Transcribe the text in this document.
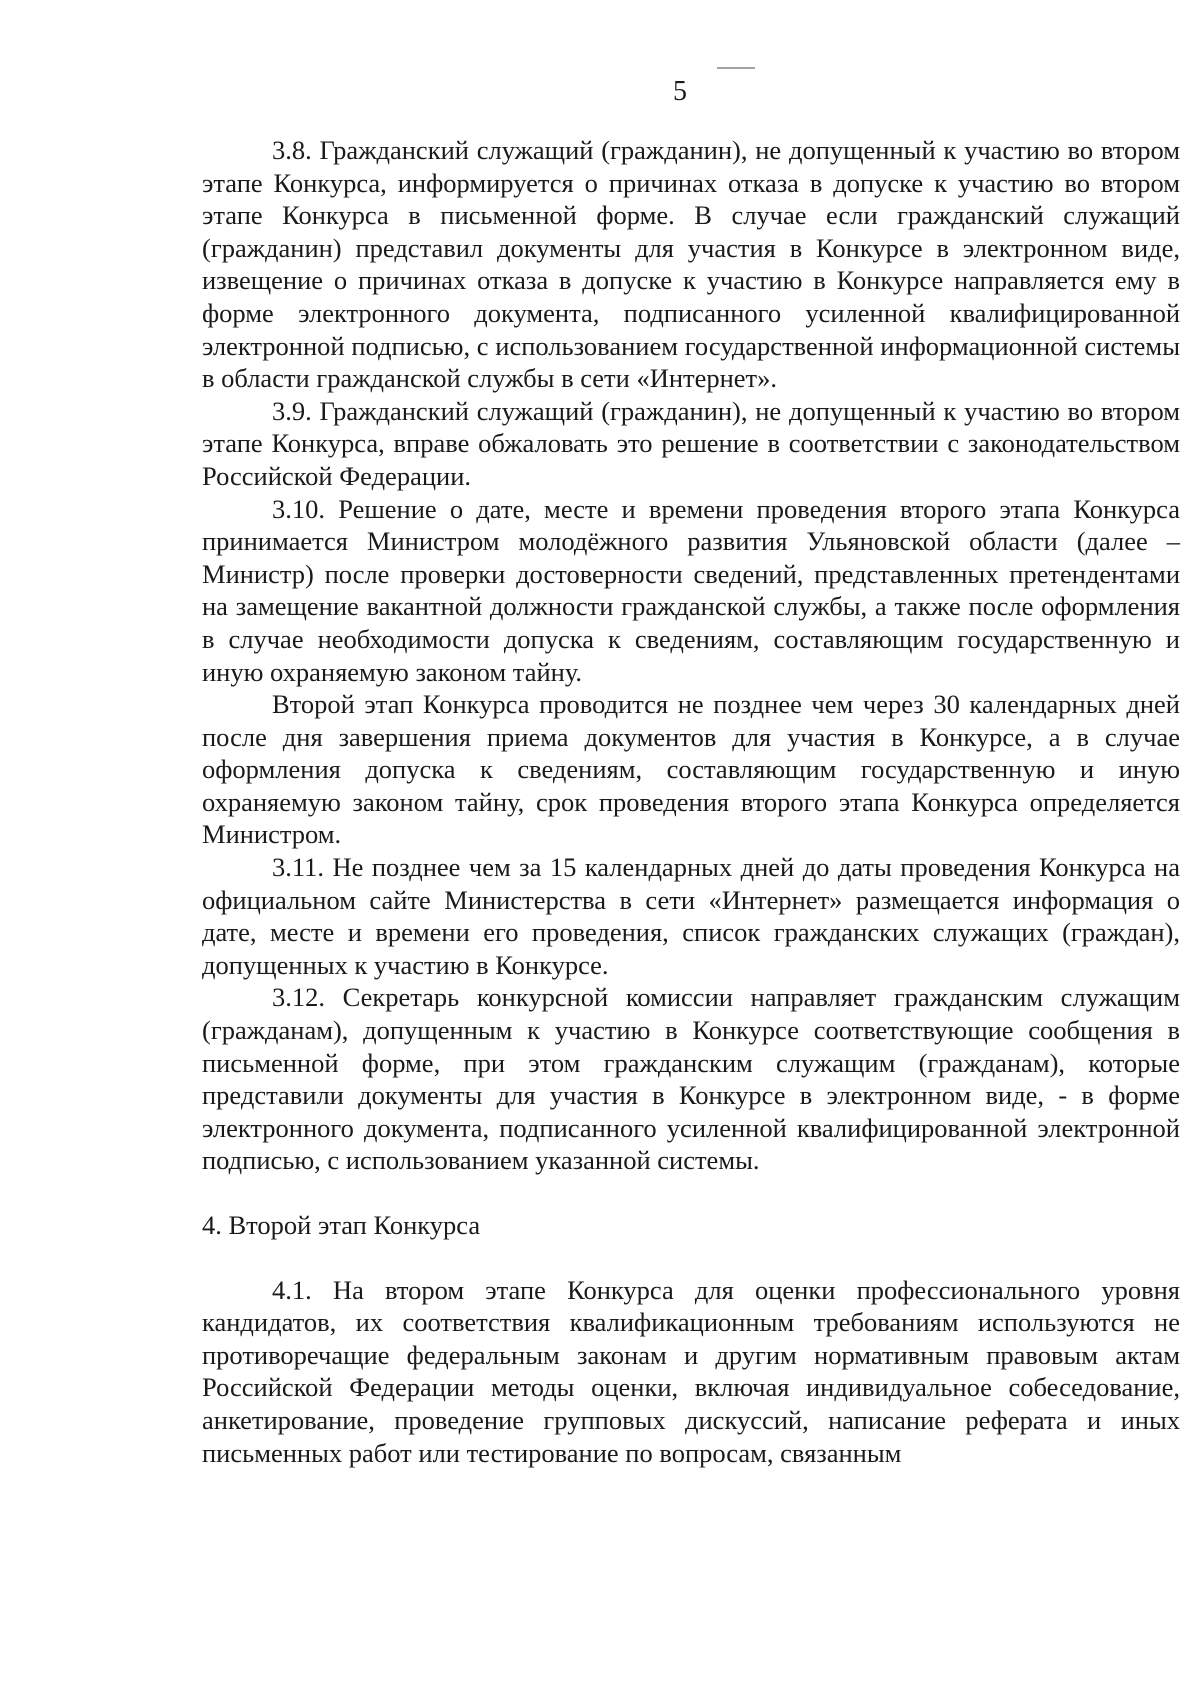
5

3.8. Гражданский служащий (гражданин), не допущенный к участию во втором этапе Конкурса, информируется о причинах отказа в допуске к участию во втором этапе Конкурса в письменной форме. В случае если гражданский служащий (гражданин) представил документы для участия в Конкурсе в электронном виде, извещение о причинах отказа в допуске к участию в Конкурсе направляется ему в форме электронного документа, подписанного усиленной квалифицированной электронной подписью, с использованием государственной информационной системы в области гражданской службы в сети «Интернет».

3.9. Гражданский служащий (гражданин), не допущенный к участию во втором этапе Конкурса, вправе обжаловать это решение в соответствии с законодательством Российской Федерации.

3.10. Решение о дате, месте и времени проведения второго этапа Конкурса принимается Министром молодёжного развития Ульяновской области (далее – Министр) после проверки достоверности сведений, представленных претендентами на замещение вакантной должности гражданской службы, а также после оформления в случае необходимости допуска к сведениям, составляющим государственную и иную охраняемую законом тайну.

Второй этап Конкурса проводится не позднее чем через 30 календарных дней после дня завершения приема документов для участия в Конкурсе, а в случае оформления допуска к сведениям, составляющим государственную и иную охраняемую законом тайну, срок проведения второго этапа Конкурса определяется Министром.

3.11. Не позднее чем за 15 календарных дней до даты проведения Конкурса на официальном сайте Министерства в сети «Интернет» размещается информация о дате, месте и времени его проведения, список гражданских служащих (граждан), допущенных к участию в Конкурсе.

3.12. Секретарь конкурсной комиссии направляет гражданским служащим (гражданам), допущенным к участию в Конкурсе соответствующие сообщения в письменной форме, при этом гражданским служащим (гражданам), которые представили документы для участия в Конкурсе в электронном виде, - в форме электронного документа, подписанного усиленной квалифицированной электронной подписью, с использованием указанной системы.

4. Второй этап Конкурса

4.1. На втором этапе Конкурса для оценки профессионального уровня кандидатов, их соответствия квалификационным требованиям используются не противоречащие федеральным законам и другим нормативным правовым актам Российской Федерации методы оценки, включая индивидуальное собеседование, анкетирование, проведение групповых дискуссий, написание реферата и иных письменных работ или тестирование по вопросам, связанным
